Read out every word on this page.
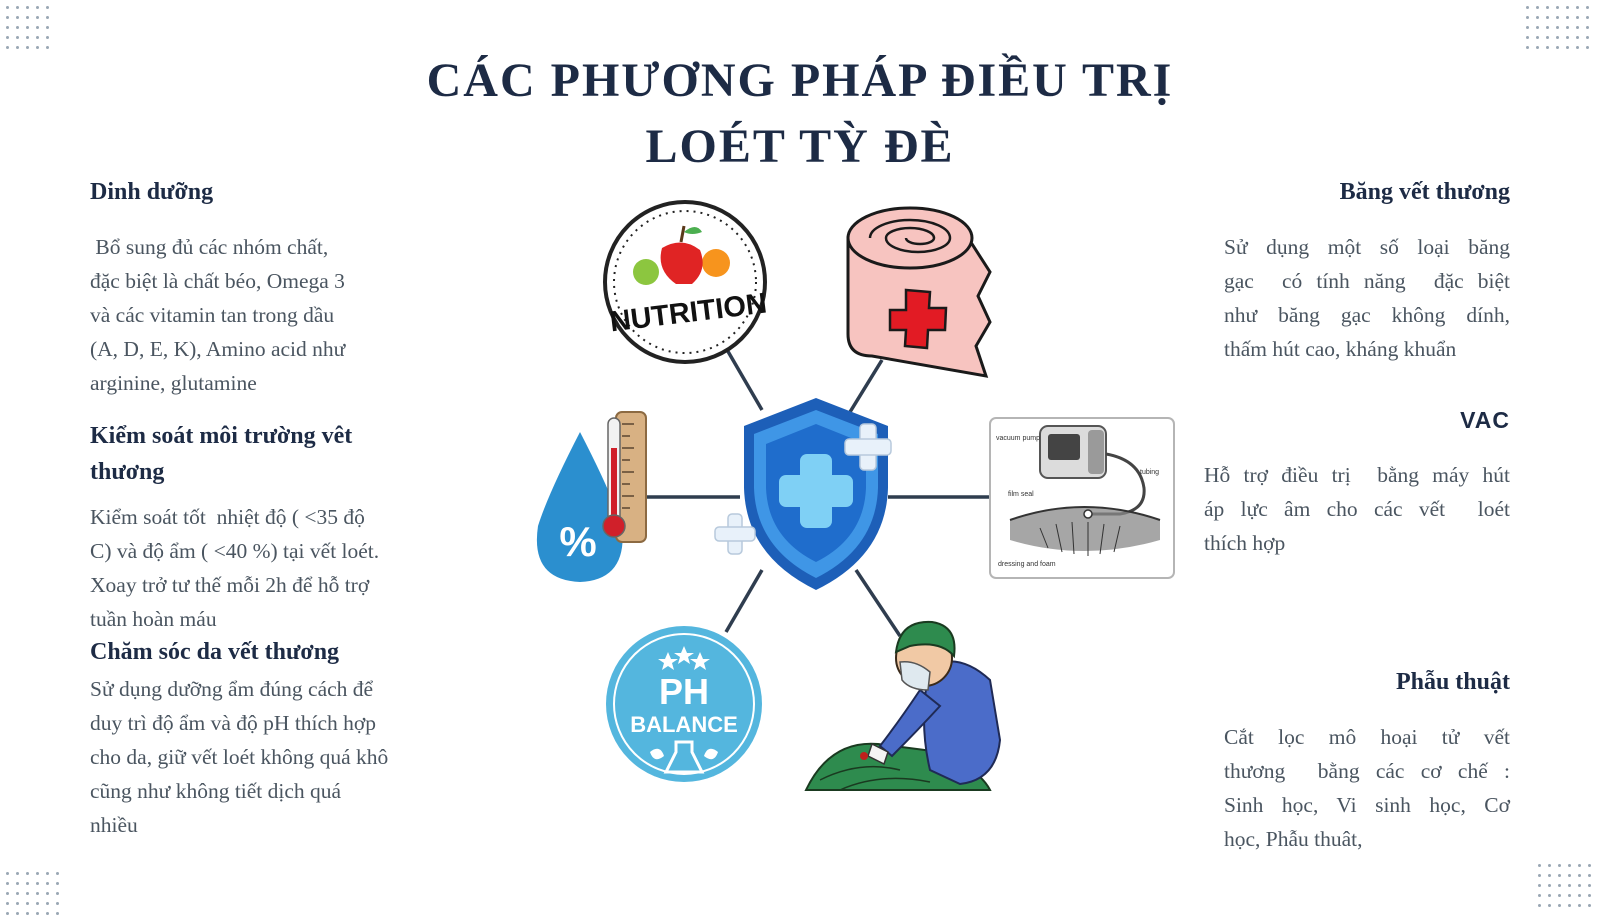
CÁC PHƯƠNG PHÁP ĐIỀU TRỊ
LOÉT TỲ ĐÈ
Dinh dưỡng
Bổ sung đủ các nhóm chất,
đặc biệt là chất béo, Omega 3
và các vitamin tan trong dầu
(A, D, E, K), Amino acid như
arginine, glutamine
Kiểm soát môi trường vêt
thương
Kiểm soát tốt  nhiệt độ ( <35 độ
C) và độ ẩm ( <40 %) tại vết loét.
Xoay trở tư thế mỗi 2h để hỗ trợ
tuần hoàn máu
Chăm sóc da vết thương
Sử dụng dưỡng ẩm đúng cách để
duy trì độ ẩm và độ pH thích hợp
cho da, giữ vết loét không quá khô
cũng như không tiết dịch quá
nhiều
Băng vết thương
Sử dụng một số loại băng
gạc  có tính năng  đặc biệt
như băng gạc không dính,
thấm hút cao, kháng khuẩn
VAC
Hỗ trợ điều trị  bằng máy hút
áp lực âm cho các vết  loét
thích hợp
Phẫu thuật
Cắt lọc mô hoại tử vết
thương  bằng các cơ chế :
Sinh học, Vi sinh học, Cơ
học, Phẫu thuât,
NUTRITION
%
vacuum pump
tubing
film seal
dressing and foam
PH
BALANCE
